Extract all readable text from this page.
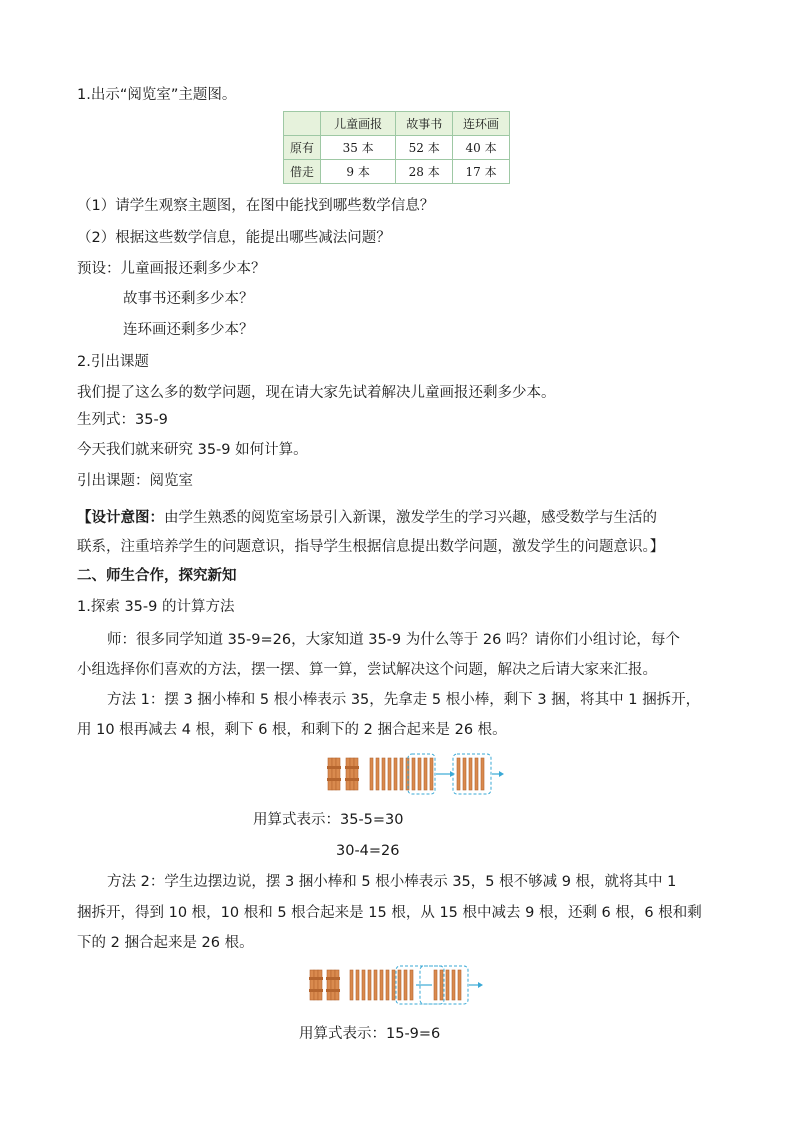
1.出示“阅览室”主题图。
	儿童画报	故事书	连环画
原有	35 本	52 本	40 本
借走	9 本	28 本	17 本
（1）请学生观察主题图，在图中能找到哪些数学信息？
（2）根据这些数学信息，能提出哪些减法问题？
预设：儿童画报还剩多少本？
故事书还剩多少本？
连环画还剩多少本？
2.引出课题
我们提了这么多的数学问题，现在请大家先试着解决儿童画报还剩多少本。
生列式：35-9
今天我们就来研究 35-9 如何计算。
引出课题：阅览室
【设计意图：由学生熟悉的阅览室场景引入新课，激发学生的学习兴趣，感受数学与生活的
联系，注重培养学生的问题意识，指导学生根据信息提出数学问题，激发学生的问题意识。】
二、师生合作，探究新知
1.探索 35-9 的计算方法
师：很多同学知道 35-9=26，大家知道 35-9 为什么等于 26 吗？请你们小组讨论，每个
小组选择你们喜欢的方法，摆一摆、算一算，尝试解决这个问题，解决之后请大家来汇报。
方法 1：摆 3 捆小棒和 5 根小棒表示 35，先拿走 5 根小棒，剩下 3 捆，将其中 1 捆拆开，
用 10 根再减去 4 根，剩下 6 根，和剩下的 2 捆合起来是 26 根。
用算式表示：35-5=30
30-4=26
方法 2：学生边摆边说，摆 3 捆小棒和 5 根小棒表示 35，5 根不够减 9 根，就将其中 1
捆拆开，得到 10 根，10 根和 5 根合起来是 15 根，从 15 根中减去 9 根，还剩 6 根，6 根和剩
下的 2 捆合起来是 26 根。
用算式表示：15-9=6
